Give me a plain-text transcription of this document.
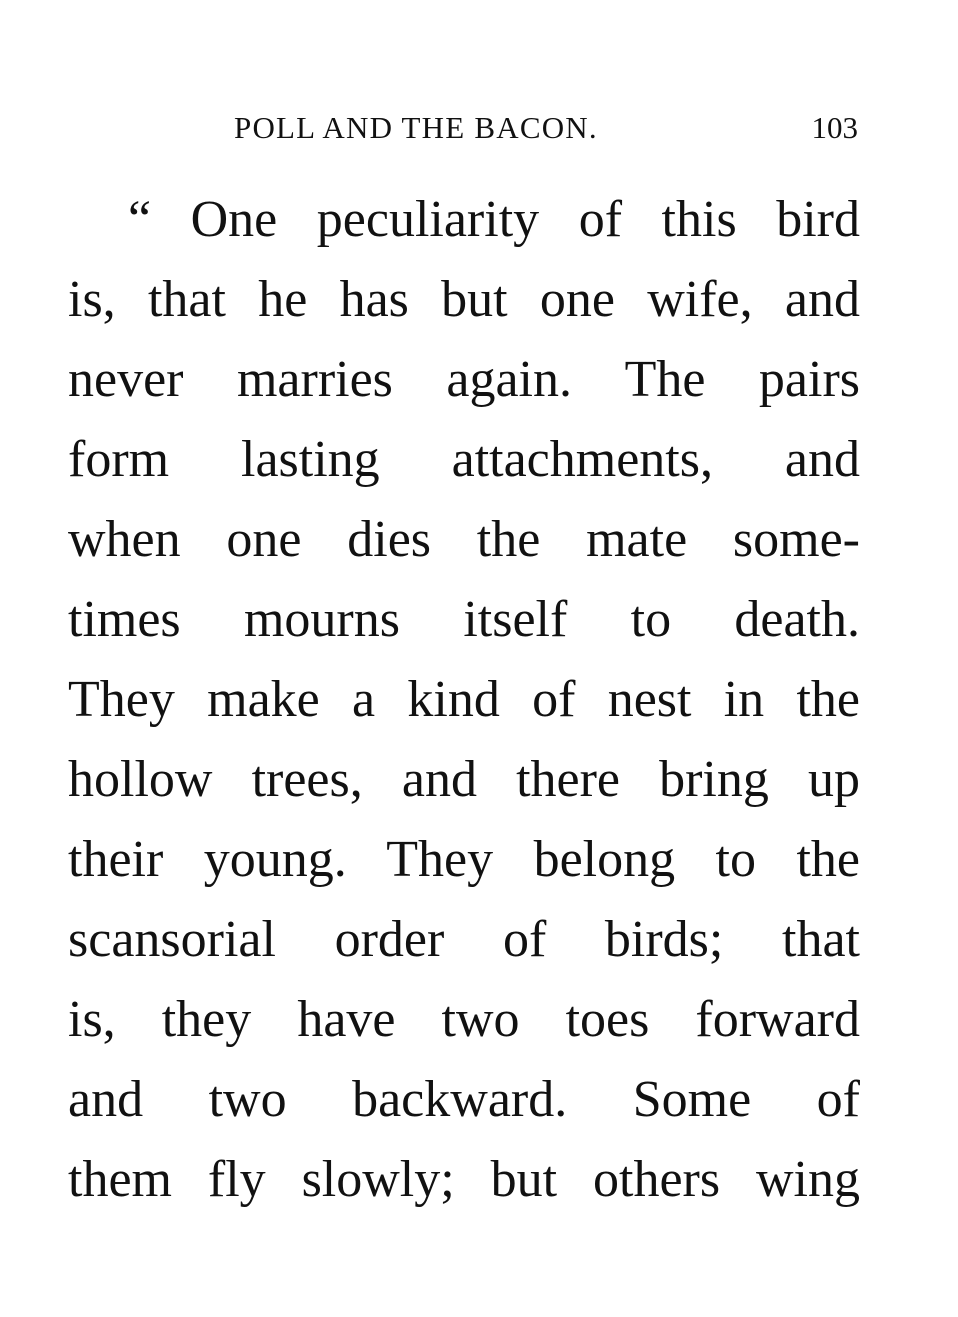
POLL AND THE BACON.	103
“ One peculiarity of this bird
is, that he has but one wife, and
never marries again. The pairs
form lasting attachments, and
when one dies the mate some-
times mourns itself to death.
They make a kind of nest in the
hollow trees, and there bring up
their young. They belong to the
scansorial order of birds; that
is, they have two toes forward
and two backward. Some of
them fly slowly; but others wing
